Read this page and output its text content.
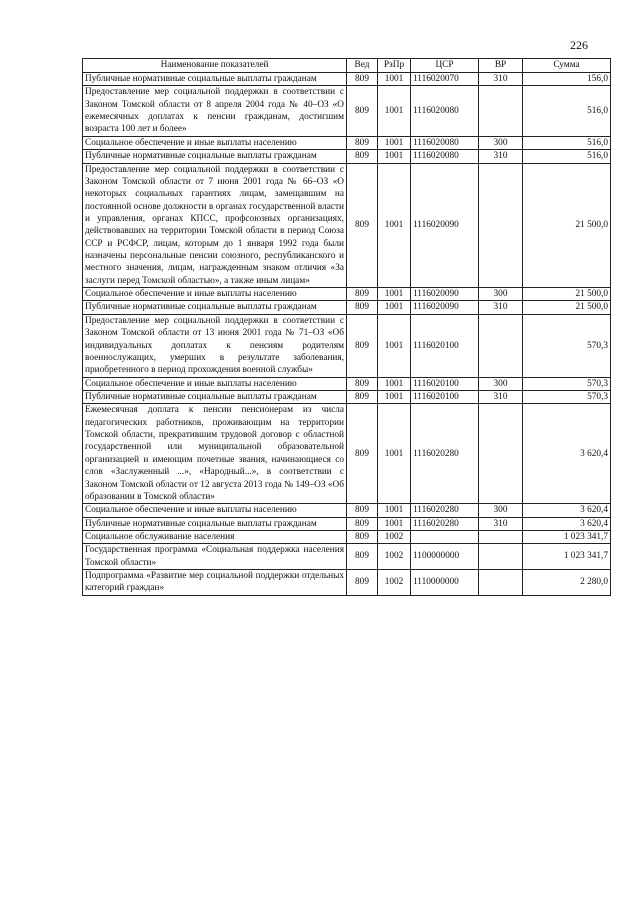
226
Наименование показателей	Вед	РзПр	ЦСР	ВР	Сумма
Публичные нормативные социальные выплаты гражданам	809	1001	1116020070	310	156,0
Предоставление мер социальной поддержки в соответствии с Законом Томской области от 8 апреля 2004 года № 40–ОЗ «О ежемесячных доплатах к пенсии гражданам, достигшим возраста 100 лет и более»	809	1001	1116020080		516,0
Социальное обеспечение и иные выплаты населению	809	1001	1116020080	300	516,0
Публичные нормативные социальные выплаты гражданам	809	1001	1116020080	310	516,0
Предоставление мер социальной поддержки в соответствии с Законом Томской области от 7 июня 2001 года № 66–ОЗ «О некоторых социальных гарантиях лицам, замещавшим на постоянной основе должности в органах государственной власти и управления, органах КПСС, профсоюзных организациях, действовавших на территории Томской области в период Союза ССР и РСФСР, лицам, которым до 1 января 1992 года были назначены персональные пенсии союзного, республиканского и местного значения, лицам, награжденным знаком отличия «За заслуги перед Томской областью», а также иным лицам»	809	1001	1116020090		21 500,0
Социальное обеспечение и иные выплаты населению	809	1001	1116020090	300	21 500,0
Публичные нормативные социальные выплаты гражданам	809	1001	1116020090	310	21 500,0
Предоставление мер социальной поддержки в соответствии с Законом Томской области от 13 июня 2001 года № 71–ОЗ «Об индивидуальных доплатах к пенсиям родителям военнослужащих, умерших в результате заболевания, приобретенного в период прохождения военной службы»	809	1001	1116020100		570,3
Социальное обеспечение и иные выплаты населению	809	1001	1116020100	300	570,3
Публичные нормативные социальные выплаты гражданам	809	1001	1116020100	310	570,3
Ежемесячная доплата к пенсии пенсионерам из числа педагогических работников, проживающим на территории Томской области, прекратившим трудовой договор с областной государственной или муниципальной образовательной организацией и имеющим почетные звания, начинающиеся со слов «Заслуженный ...», «Народный...», в соответствии с Законом Томской области от 12 августа 2013 года № 149–ОЗ «Об образовании в Томской области»	809	1001	1116020280		3 620,4
Социальное обеспечение и иные выплаты населению	809	1001	1116020280	300	3 620,4
Публичные нормативные социальные выплаты гражданам	809	1001	1116020280	310	3 620,4
Социальное обслуживание населения	809	1002			1 023 341,7
Государственная программа «Социальная поддержка населения Томской области»	809	1002	1100000000		1 023 341,7
Подпрограмма «Развитие мер социальной поддержки отдельных категорий граждан»	809	1002	1110000000		2 280,0
